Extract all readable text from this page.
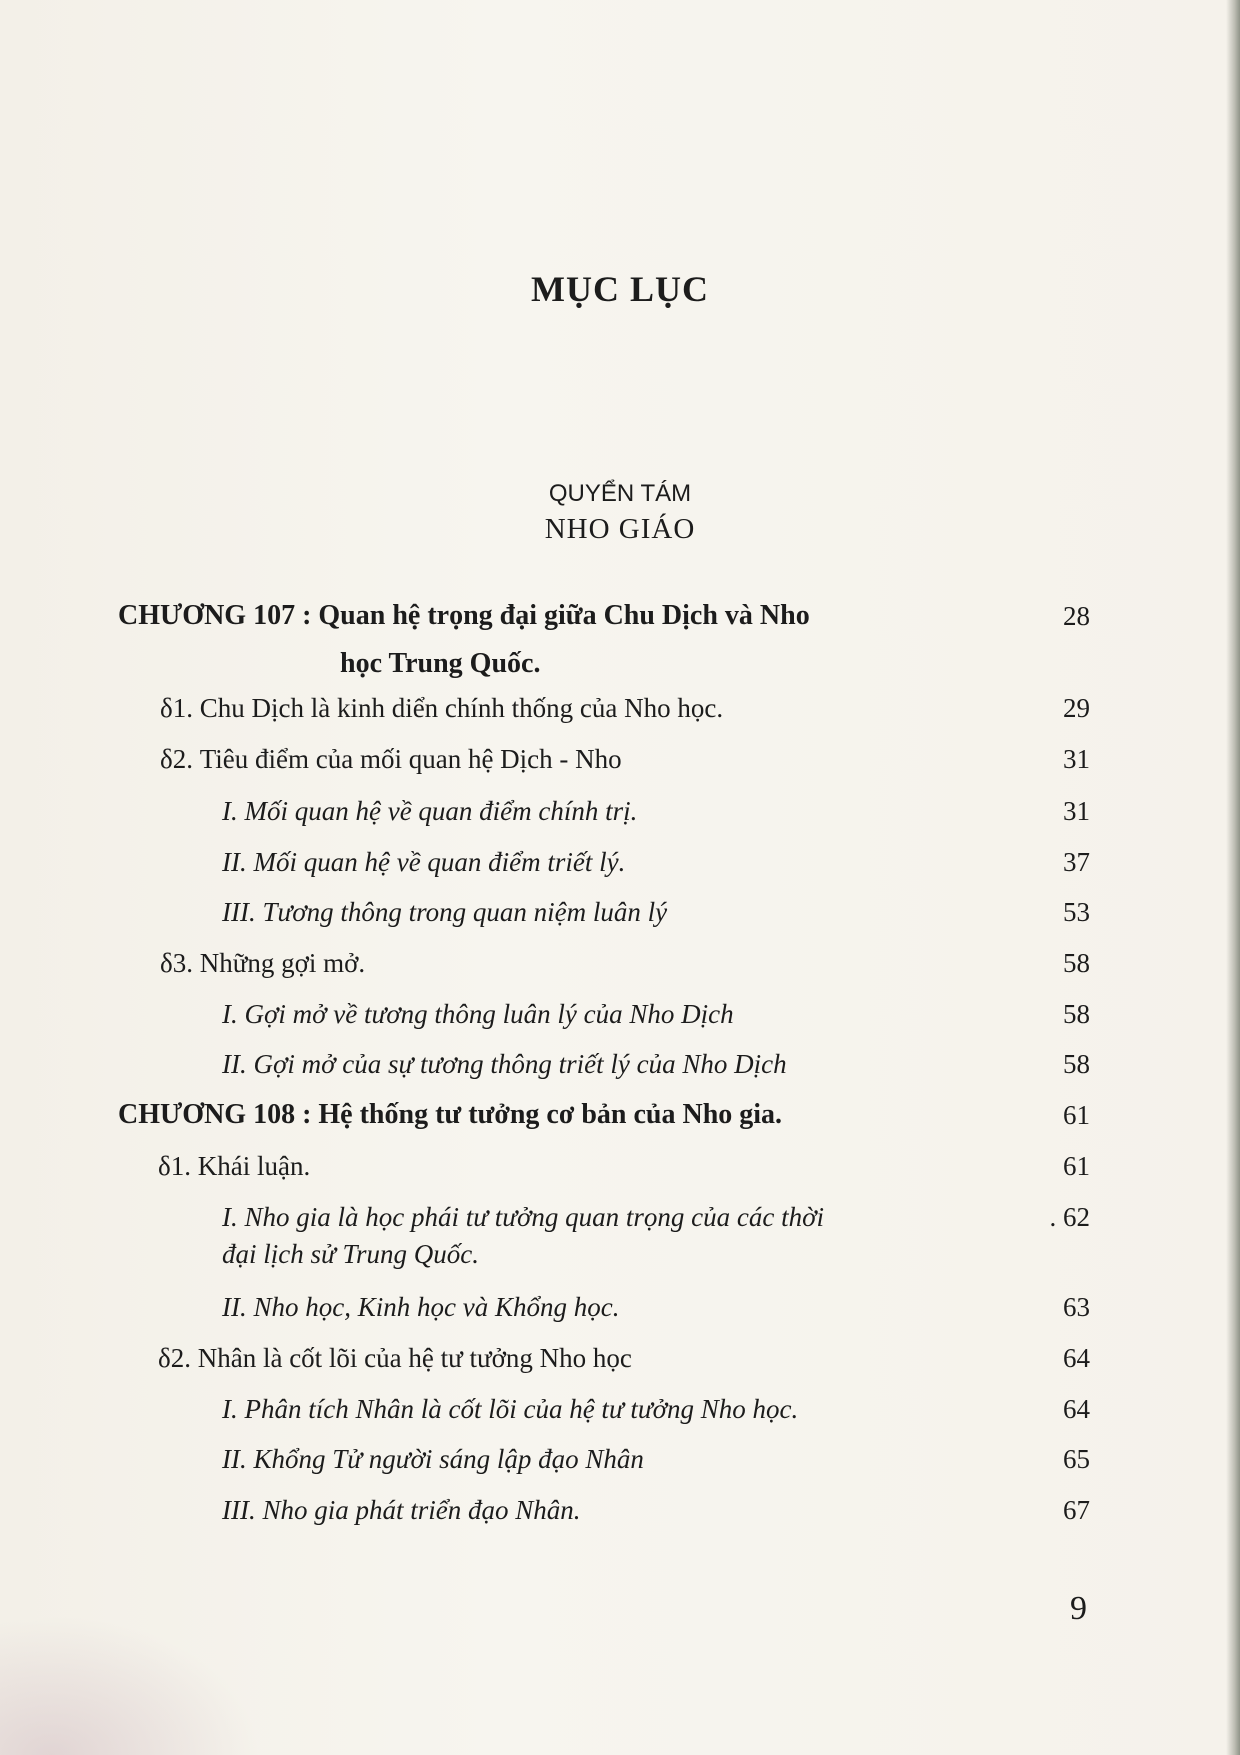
MỤC LỤC
QUYỂN TÁM
NHO GIÁO
CHƯƠNG 107 : Quan hệ trọng đại giữa Chu Dịch và Nho	28
học Trung Quốc.
δ1. Chu Dịch là kinh diển chính thống của Nho học.	29
δ2. Tiêu điểm của mối quan hệ Dịch - Nho	31
I. Mối quan hệ về quan điểm chính trị.	31
II. Mối quan hệ về quan điểm triết lý.	37
III. Tương thông trong quan niệm luân lý	53
δ3. Những gợi mở.	58
I. Gợi mở về tương thông luân lý của Nho Dịch	58
II. Gợi mở của sự tương thông triết lý của Nho Dịch	58
CHƯƠNG 108 : Hệ thống tư tưởng cơ bản của Nho gia.	61
δ1. Khái luận.	61
I. Nho gia là học phái tư tưởng quan trọng của các thời	. 62
đại lịch sử Trung Quốc.
II. Nho học, Kinh học và Khổng học.	63
δ2. Nhân là cốt lõi của hệ tư tưởng Nho học	64
I. Phân tích Nhân là cốt lõi của hệ tư tưởng Nho học.	64
II. Khổng Tử người sáng lập đạo Nhân	65
III. Nho gia phát triển đạo Nhân.	67
9
